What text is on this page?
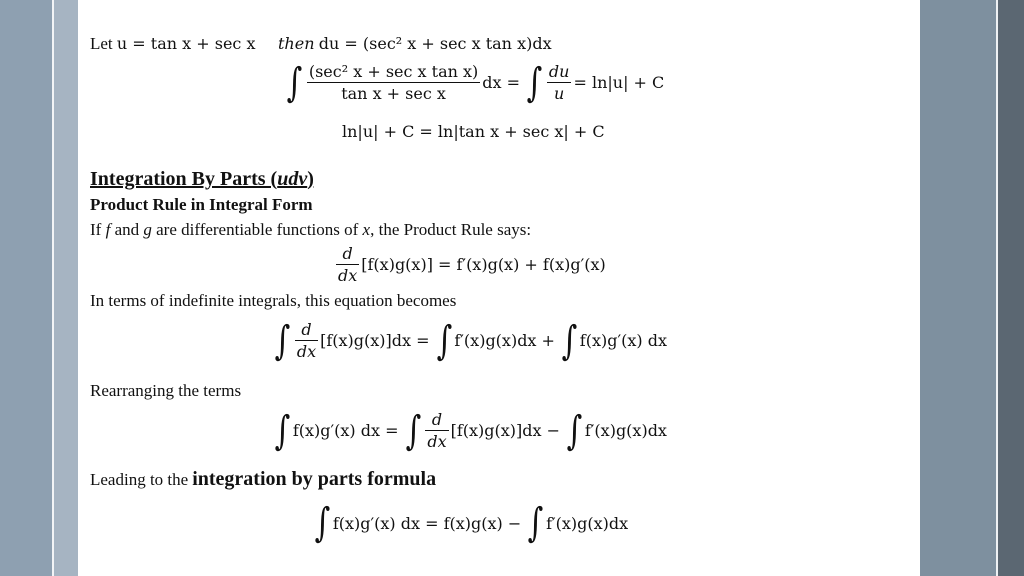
Let u = tan x + sec x then du = (sec² x + sec x tan x)dx
∫ $\frac{\text{(sec² x + sec x tan x)}}{\text{tan x + sec x}}$ dx = ∫ $\frac{du}{u} = \ln|u| + C$
ln|u| + C = ln|tan x + sec x| + C
Integration By Parts (udv)
Product Rule in Integral Form
If f and g are differentiable functions of x, the Product Rule says:
$\frac{d}{dx} [f(x)g(x)] = f'(x)g(x) + f(x)g'(x)$
In terms of indefinite integrals, this equation becomes
∫ $\frac{d}{dx} [f(x)g(x)]dx$ = ∫ f′(x)g(x)dx + ∫ f(x)g′(x) dx
Rearranging the terms
∫ f(x)g′(x) dx = ∫ $\frac{d}{dx} [f(x)g(x)]dx$ − ∫ f′(x)g(x)dx
Leading to the integration by parts formula
∫ f(x)g′(x) dx = f(x)g(x) − ∫ f′(x)g(x)dx
